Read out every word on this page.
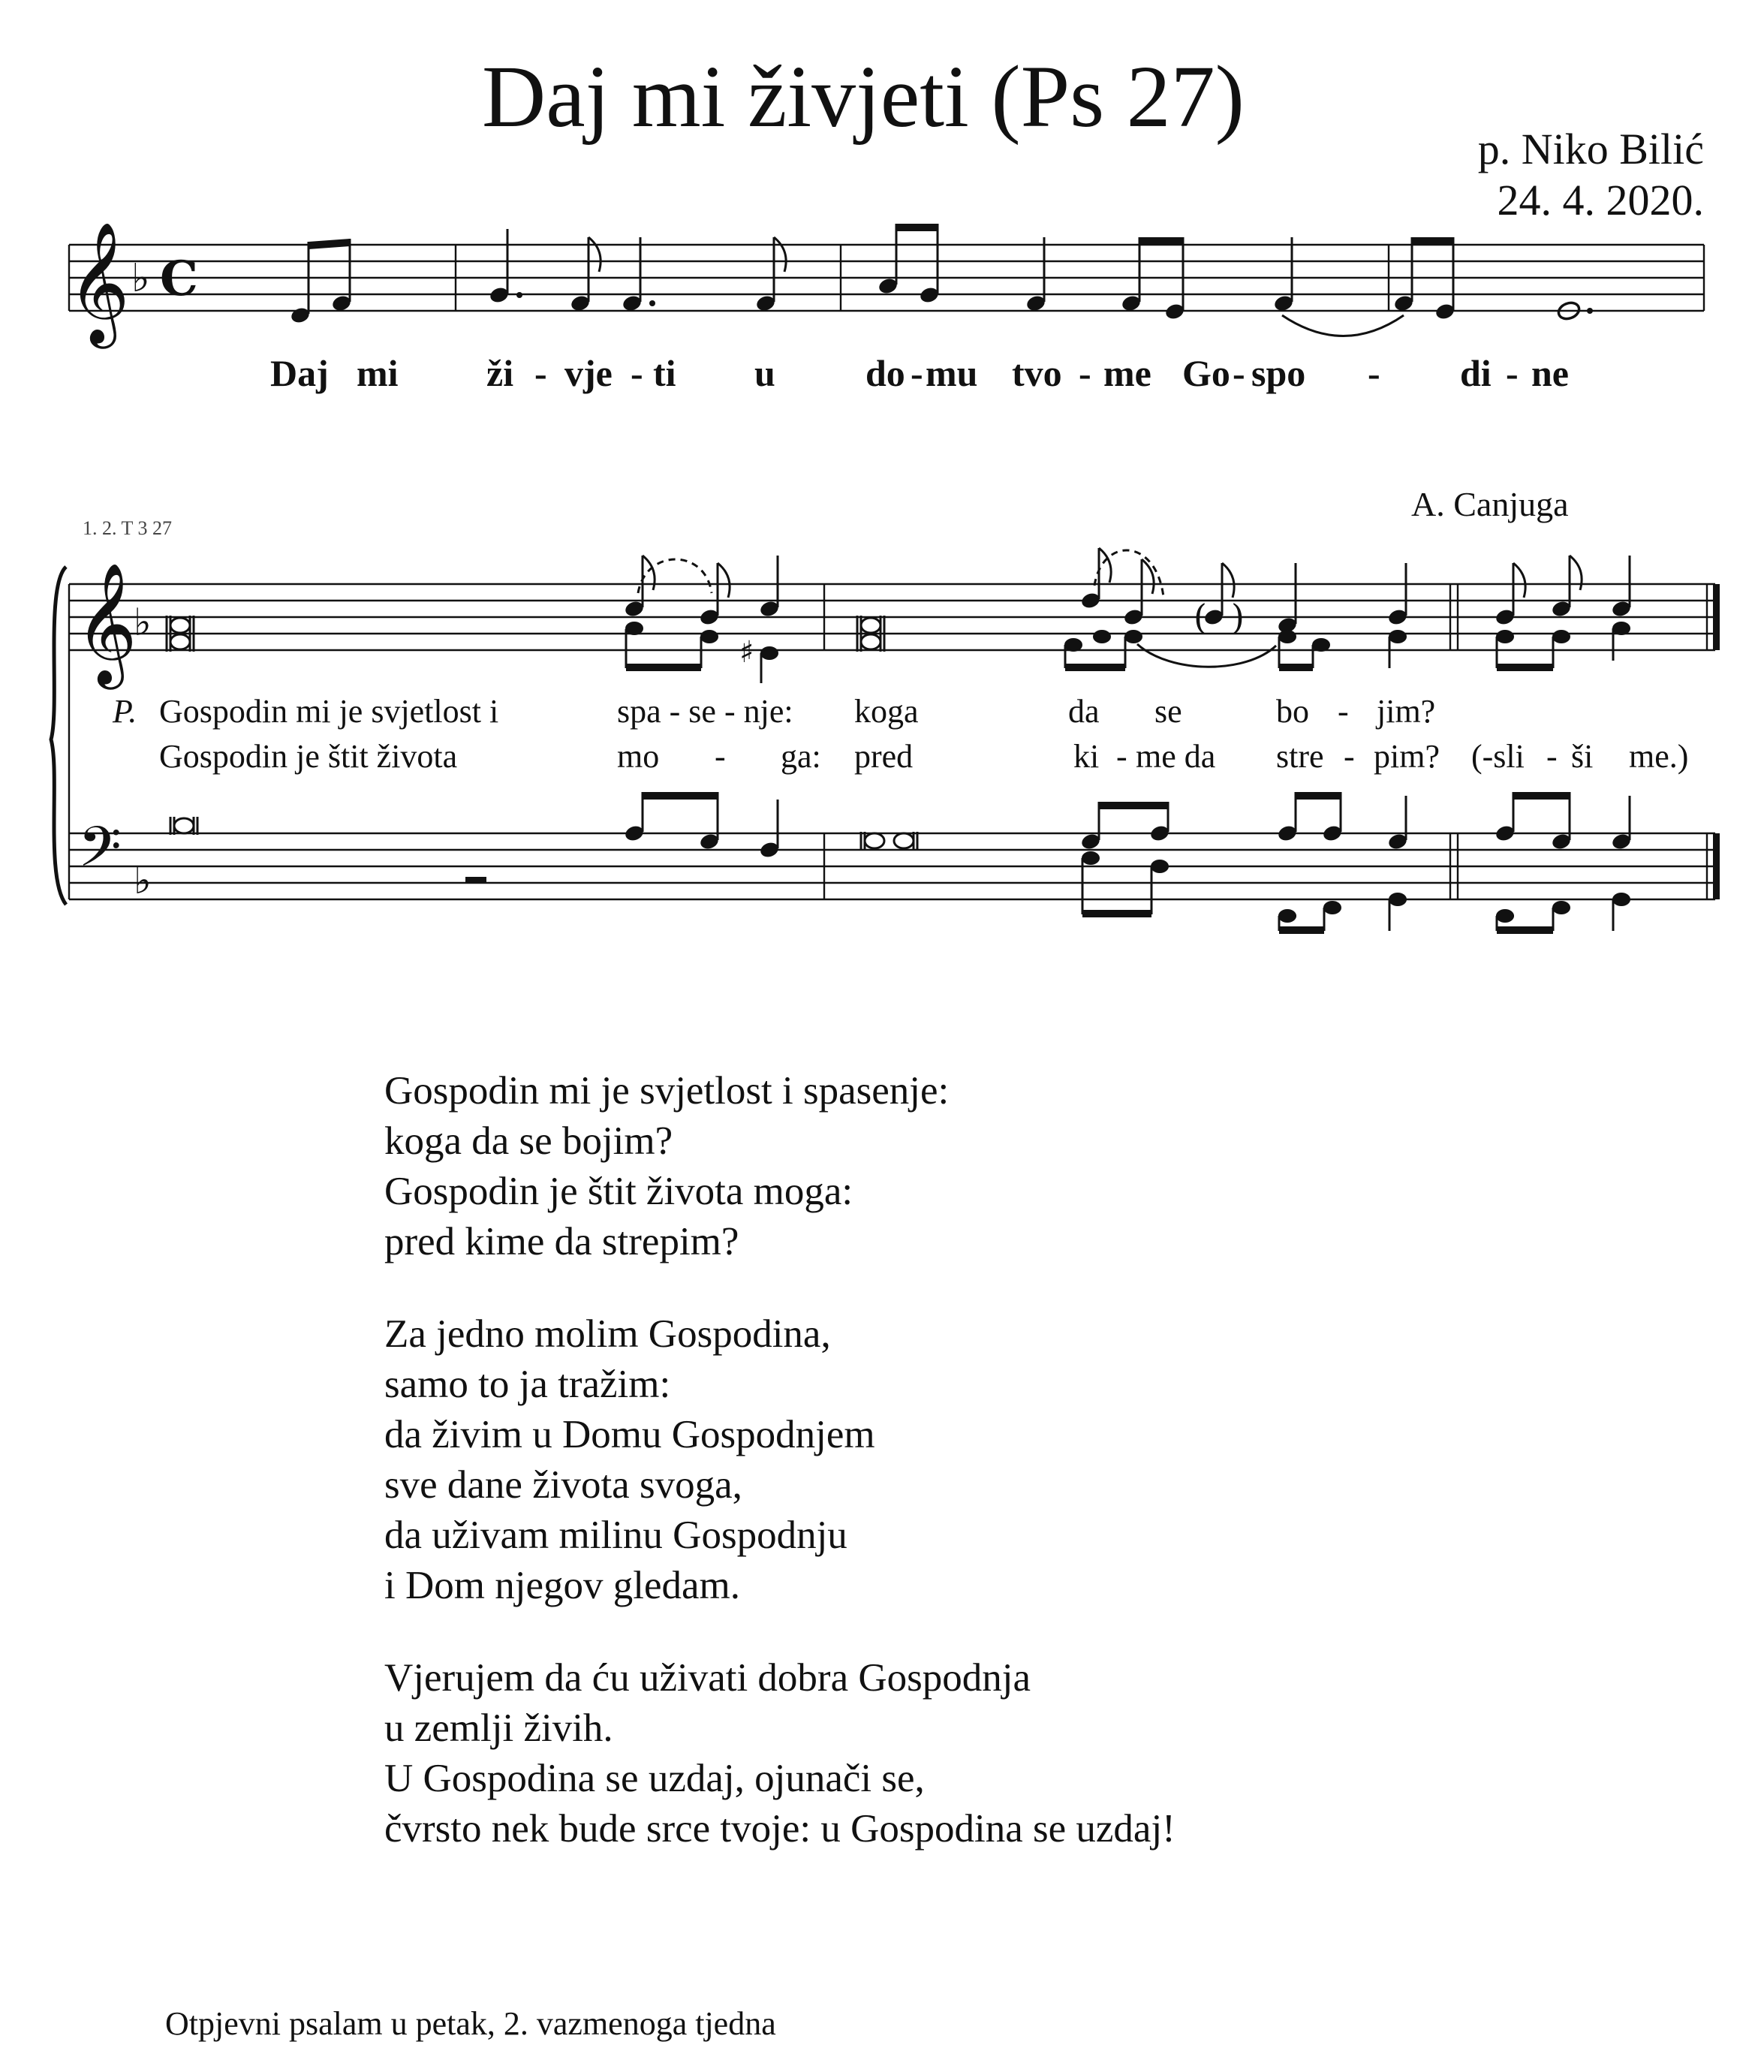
Daj mi živjeti (Ps 27)
p. Niko Bilić
24. 4. 2020.
A. Canjuga
𝄞 ♭ C
Daj mi ži - vje - ti u do - mu tvo - me Go - spo - di - ne
1. 2. T 3 27
𝄞
♭
𝄢 ♭
♯
( )
P. Gospodin mi je svjetlost i	spa - se - nje: koga	da se	bo - jim?
Gospodin je štit života	mo - ga: pred	ki - me da stre - pim? (-sli - ši me.)
Gospodin mi je svjetlost i spasenje:
koga da se bojim?
Gospodin je štit života moga:
pred kime da strepim?
Za jedno molim Gospodina,
samo to ja tražim:
da živim u Domu Gospodnjem
sve dane života svoga,
da uživam milinu Gospodnju
i Dom njegov gledam.
Vjerujem da ću uživati dobra Gospodnja
u zemlji živih.
U Gospodina se uzdaj, ojunači se,
čvrsto nek bude srce tvoje: u Gospodina se uzdaj!
Otpjevni psalam u petak, 2. vazmenoga tjedna
